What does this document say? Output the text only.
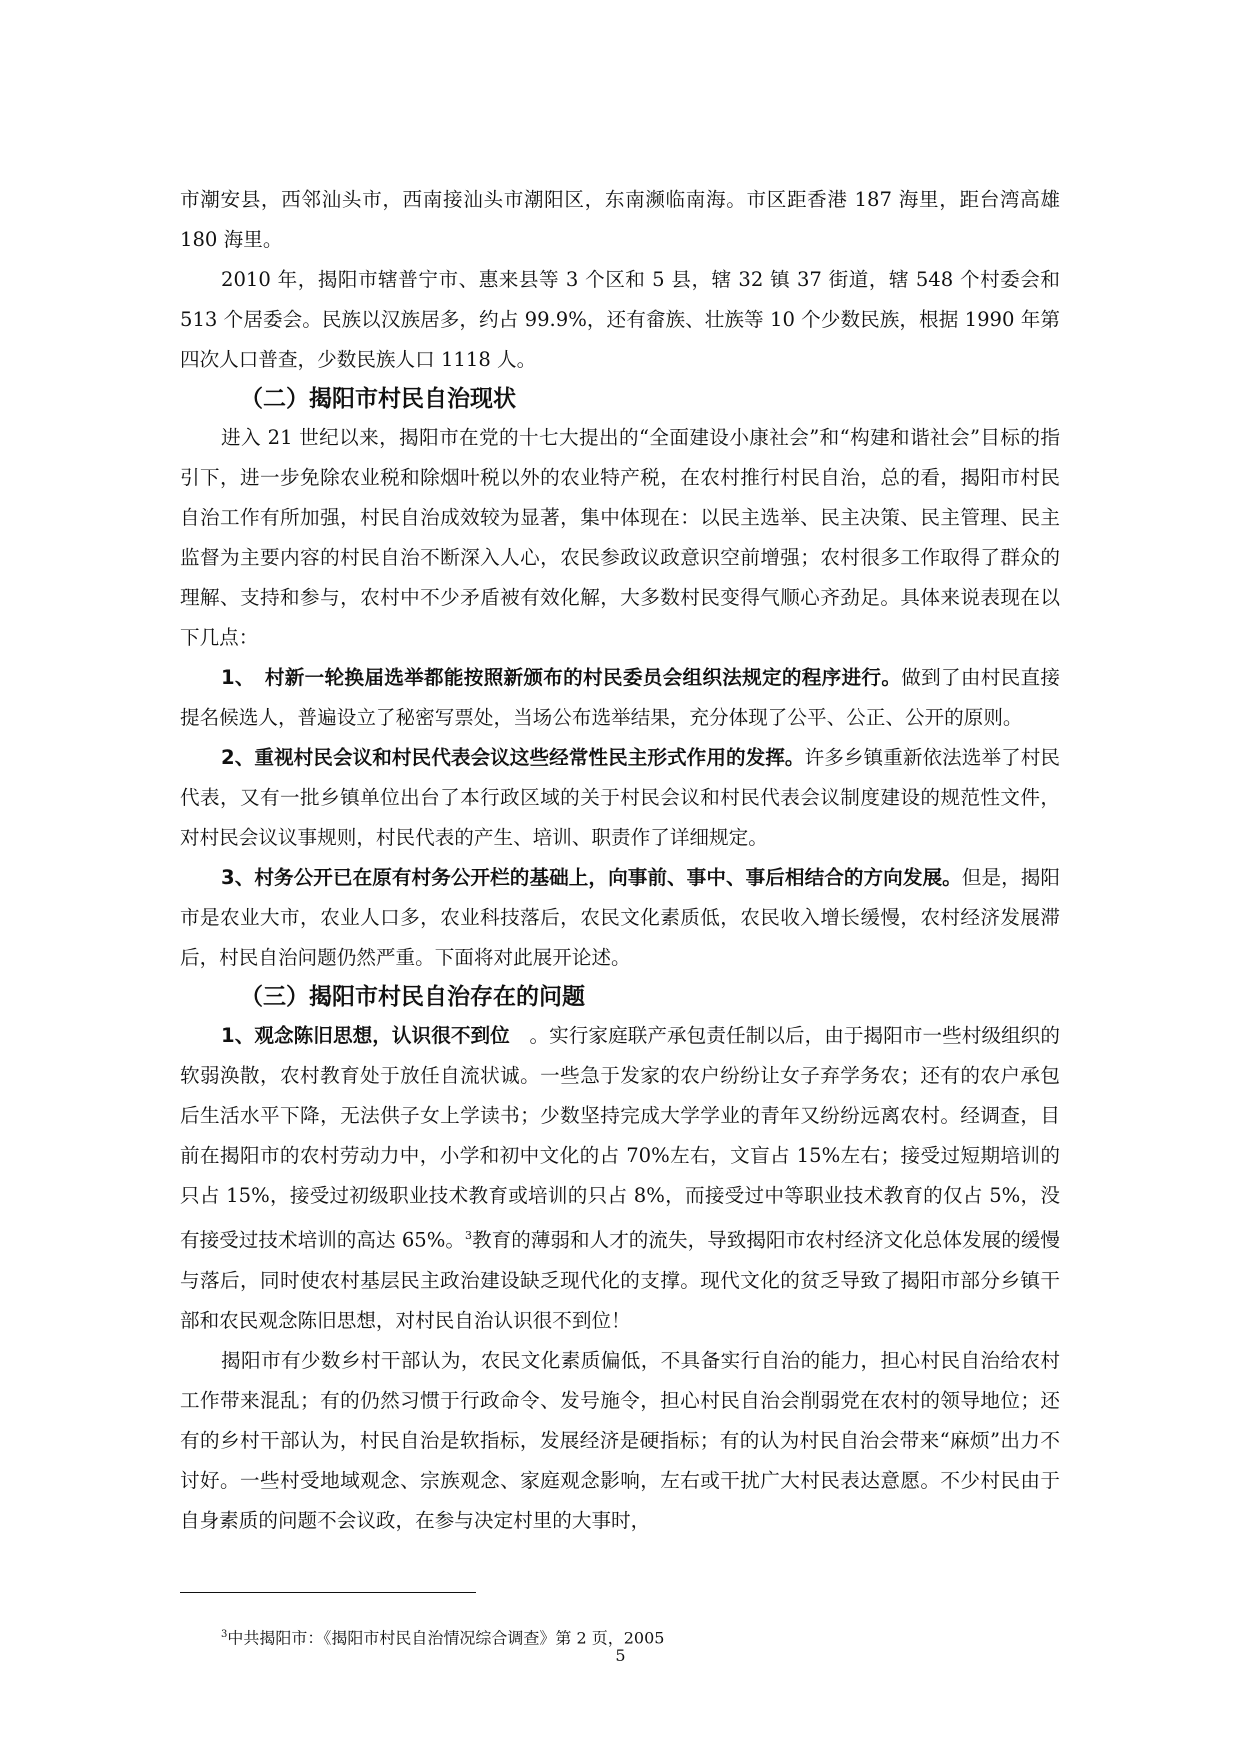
市潮安县，西邻汕头市，西南接汕头市潮阳区，东南濒临南海。市区距香港 187 海里，距台湾高雄 180 海里。

2010 年，揭阳市辖普宁市、惠来县等 3 个区和 5 县，辖 32 镇 37 街道，辖 548 个村委会和 513 个居委会。民族以汉族居多，约占 99.9%，还有畲族、壮族等 10 个少数民族，根据 1990 年第四次人口普查，少数民族人口 1118 人。

（二）揭阳市村民自治现状

进入 21 世纪以来，揭阳市在党的十七大提出的“全面建设小康社会”和“构建和谐社会”目标的指引下，进一步免除农业税和除烟叶税以外的农业特产税，在农村推行村民自治，总的看，揭阳市村民自治工作有所加强，村民自治成效较为显著，集中体现在：以民主选举、民主决策、民主管理、民主监督为主要内容的村民自治不断深入人心，农民参政议政意识空前增强；农村很多工作取得了群众的理解、支持和参与，农村中不少矛盾被有效化解，大多数村民变得气顺心齐劲足。具体来说表现在以下几点：

1、　村新一轮换届选举都能按照新颁布的村民委员会组织法规定的程序进行。做到了由村民直接提名候选人，普遍设立了秘密写票处，当场公布选举结果，充分体现了公平、公正、公开的原则。

2、重视村民会议和村民代表会议这些经常性民主形式作用的发挥。许多乡镇重新依法选举了村民代表，又有一批乡镇单位出台了本行政区域的关于村民会议和村民代表会议制度建设的规范性文件，对村民会议议事规则，村民代表的产生、培训、职责作了详细规定。

3、村务公开已在原有村务公开栏的基础上，向事前、事中、事后相结合的方向发展。但是，揭阳市是农业大市，农业人口多，农业科技落后，农民文化素质低，农民收入增长缓慢，农村经济发展滞后，村民自治问题仍然严重。下面将对此展开论述。

（三）揭阳市村民自治存在的问题

1、观念陈旧思想，认识很不到位　。实行家庭联产承包责任制以后，由于揭阳市一些村级组织的软弱涣散，农村教育处于放任自流状诚。一些急于发家的农户纷纷让女子弃学务农；还有的农户承包后生活水平下降，无法供子女上学读书；少数坚持完成大学学业的青年又纷纷远离农村。经调查，目前在揭阳市的农村劳动力中，小学和初中文化的占 70%左右，文盲占 15%左右；接受过短期培训的只占 15%，接受过初级职业技术教育或培训的只占 8%，而接受过中等职业技术教育的仅占 5%，没有接受过技术培训的高达 65%。$^3$教育的薄弱和人才的流失，导致揭阳市农村经济文化总体发展的缓慢与落后，同时使农村基层民主政治建设缺乏现代化的支撑。现代文化的贫乏导致了揭阳市部分乡镇干部和农民观念陈旧思想，对村民自治认识很不到位！

揭阳市有少数乡村干部认为，农民文化素质偏低，不具备实行自治的能力，担心村民自治给农村工作带来混乱；有的仍然习惯于行政命令、发号施令，担心村民自治会削弱党在农村的领导地位；还有的乡村干部认为，村民自治是软指标，发展经济是硬指标；有的认为村民自治会带来“麻烦”出力不讨好。一些村受地域观念、宗族观念、家庭观念影响，左右或干扰广大村民表达意愿。不少村民由于自身素质的问题不会议政，在参与决定村里的大事时，

$^3$中共揭阳市：《揭阳市村民自治情况综合调查》第 2 页，2005
5
